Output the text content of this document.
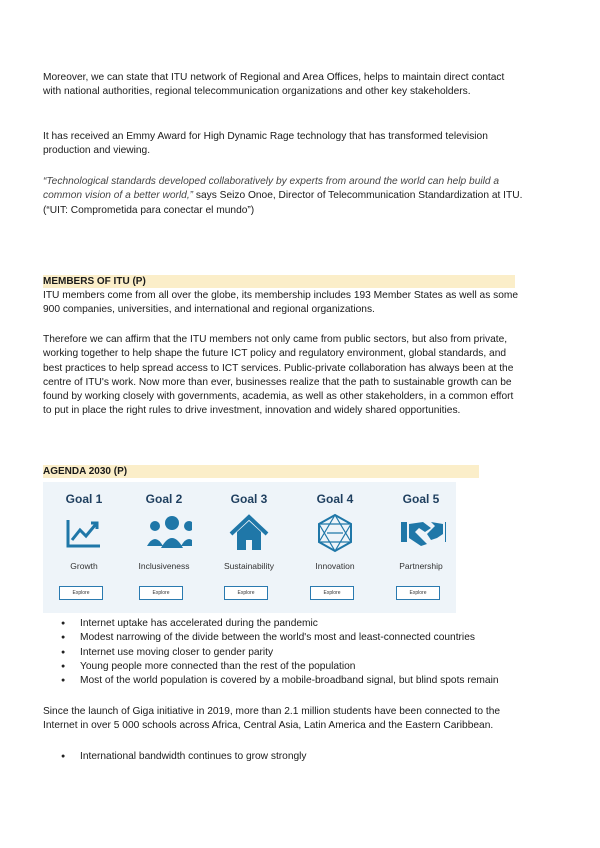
Moreover, we can state that ITU network of Regional and Area Offices, helps to maintain direct contact with national authorities, regional telecommunication organizations and other key stakeholders.

It has received an Emmy Award for High Dynamic Rage technology that has transformed television production and viewing.

“Technological standards developed collaboratively by experts from around the world can help build a common vision of a better world,” says Seizo Onoe, Director of Telecommunication Standardization at ITU. (“UIT: Comprometida para conectar el mundo”)

MEMBERS OF ITU (P)

ITU members come from all over the globe, its membership includes 193 Member States as well as some 900 companies, universities, and international and regional organizations.

Therefore we can affirm that the ITU members not only came from public sectors, but also from private, working together to help shape the future ICT policy and regulatory environment, global standards, and best practices to help spread access to ICT services. Public-private collaboration has always been at the centre of ITU's work. Now more than ever, businesses realize that the path to sustainable growth can be found by working closely with governments, academia, as well as other stakeholders, in a common effort to put in place the right rules to drive investment, innovation and widely shared opportunities.

AGENDA 2030 (P)
Goal 1
Growth
Explore
Goal 2
Inclusiveness
Explore
Goal 3
Sustainability
Explore
Goal 4
Innovation
Explore
Goal 5
Partnership
Explore
● Internet uptake has accelerated during the pandemic
● Modest narrowing of the divide between the world's most and least-connected countries
● Internet use moving closer to gender parity
● Young people more connected than the rest of the population
● Most of the world population is covered by a mobile-broadband signal, but blind spots remain

Since the launch of Giga initiative in 2019, more than 2.1 million students have been connected to the Internet in over 5 000 schools across Africa, Central Asia, Latin America and the Eastern Caribbean.

● International bandwidth continues to grow strongly
